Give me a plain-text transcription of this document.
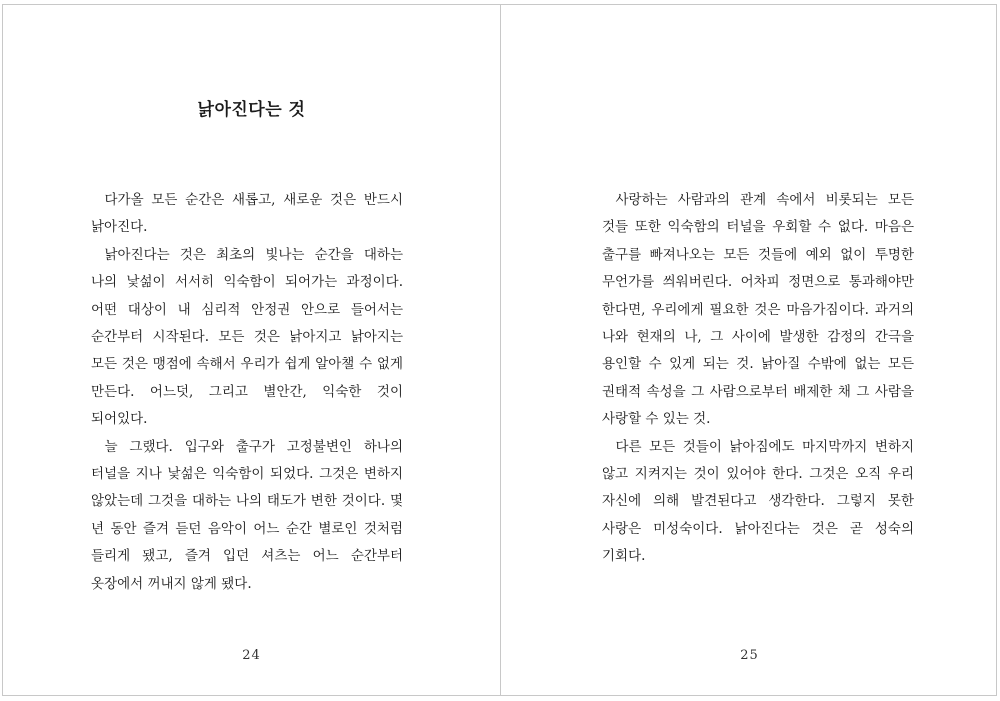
낡아진다는 것

다가올 모든 순간은 새롭고, 새로운 것은 반드시 낡아진다.

낡아진다는 것은 최초의 빛나는 순간을 대하는 나의 낯섦이 서서히 익숙함이 되어가는 과정이다. 어떤 대상이 내 심리적 안정권 안으로 들어서는 순간부터 시작된다. 모든 것은 낡아지고 낡아지는 모든 것은 맹점에 속해서 우리가 쉽게 알아챌 수 없게 만든다. 어느덧, 그리고 별안간, 익숙한 것이 되어있다.

늘 그랬다. 입구와 출구가 고정불변인 하나의 터널을 지나 낯섦은 익숙함이 되었다. 그것은 변하지 않았는데 그것을 대하는 나의 태도가 변한 것이다. 몇 년 동안 즐겨 듣던 음악이 어느 순간 별로인 것처럼 들리게 됐고, 즐겨 입던 셔츠는 어느 순간부터 옷장에서 꺼내지 않게 됐다.

24

사랑하는 사람과의 관계 속에서 비롯되는 모든 것들 또한 익숙함의 터널을 우회할 수 없다. 마음은 출구를 빠져나오는 모든 것들에 예외 없이 투명한 무언가를 씌워버린다. 어차피 정면으로 통과해야만 한다면, 우리에게 필요한 것은 마음가짐이다. 과거의 나와 현재의 나, 그 사이에 발생한 감정의 간극을 용인할 수 있게 되는 것. 낡아질 수밖에 없는 모든 권태적 속성을 그 사람으로부터 배제한 채 그 사람을 사랑할 수 있는 것.

다른 모든 것들이 낡아짐에도 마지막까지 변하지 않고 지켜지는 것이 있어야 한다. 그것은 오직 우리 자신에 의해 발견된다고 생각한다. 그렇지 못한 사랑은 미성숙이다. 낡아진다는 것은 곧 성숙의 기회다.

25
